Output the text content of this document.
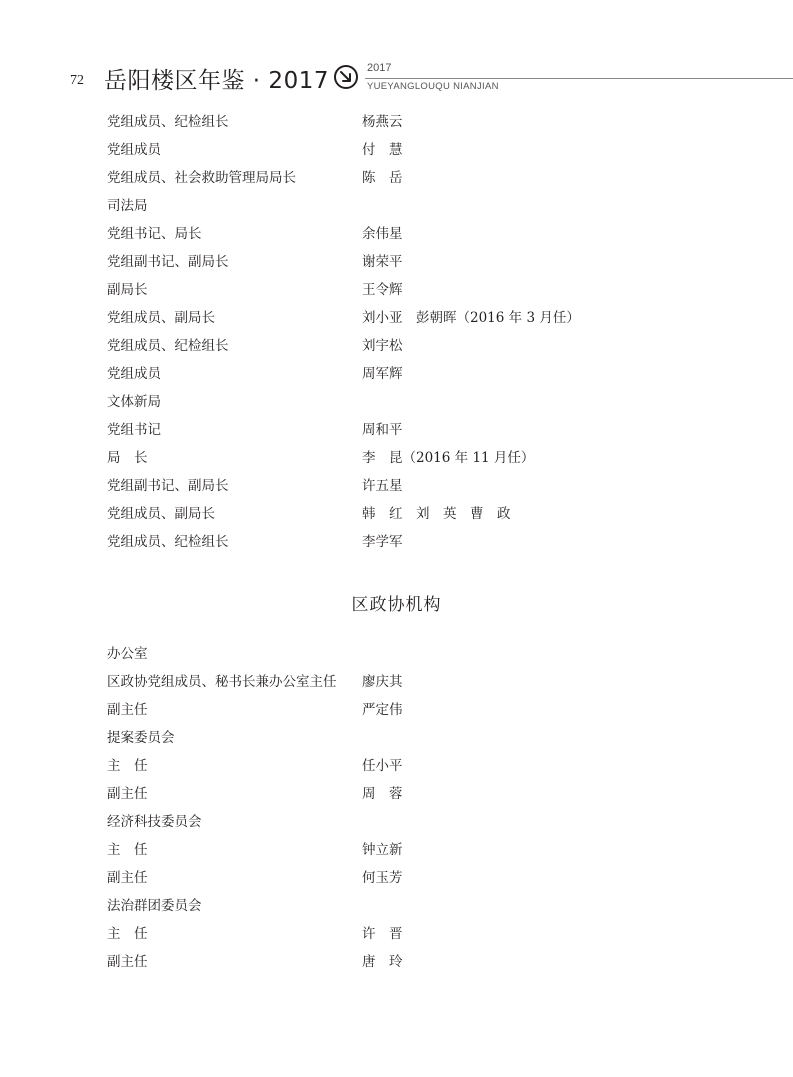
72 岳阳楼区年鉴 · 2017	2017
YUEYANGLOUQU NIANJIAN
党组成员、纪检组长	杨燕云
党组成员	付　慧
党组成员、社会救助管理局局长	陈　岳
司法局
党组书记、局长	余伟星
党组副书记、副局长	谢荣平
副局长	王令辉
党组成员、副局长	刘小亚　彭朝晖（2016 年 3 月任）
党组成员、纪检组长	刘宇松
党组成员	周军辉
文体新局
党组书记	周和平
局　长	李　昆（2016 年 11 月任）
党组副书记、副局长	许五星
党组成员、副局长	韩　红　刘　英　曹　政
党组成员、纪检组长	李学军
区政协机构
办公室
区政协党组成员、秘书长兼办公室主任 廖庆其
副主任	严定伟
提案委员会
主　任	任小平
副主任	周　蓉
经济科技委员会
主　任	钟立新
副主任	何玉芳
法治群团委员会
主　任	许　晋
副主任	唐　玲
